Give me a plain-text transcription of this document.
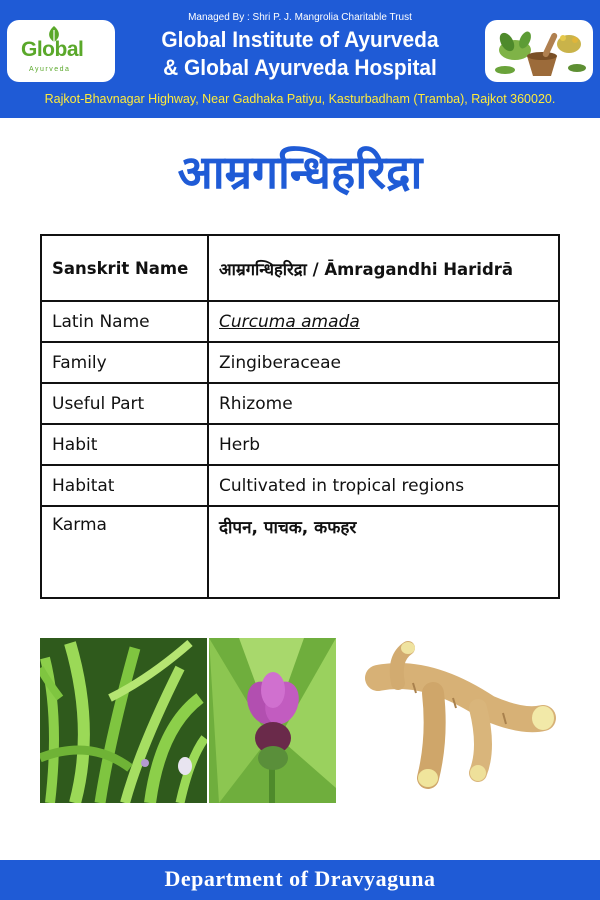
Global
Ayurveda
Managed By : Shri P. J. Mangrolia Charitable Trust
Global Institute of Ayurveda
& Global Ayurveda Hospital
Rajkot-Bhavnagar Highway, Near Gadhaka Patiyu, Kasturbadham (Tramba), Rajkot 360020.
आम्रगन्धिहरिद्रा
Sanskrit Name	आम्रगन्धिहरिद्रा / Āmragandhi Haridrā
Latin Name	Curcuma amada
Family	Zingiberaceae
Useful Part	Rhizome
Habit	Herb
Habitat	Cultivated in tropical regions
Karma	दीपन, पाचक, कफहर
Department of Dravyaguna
